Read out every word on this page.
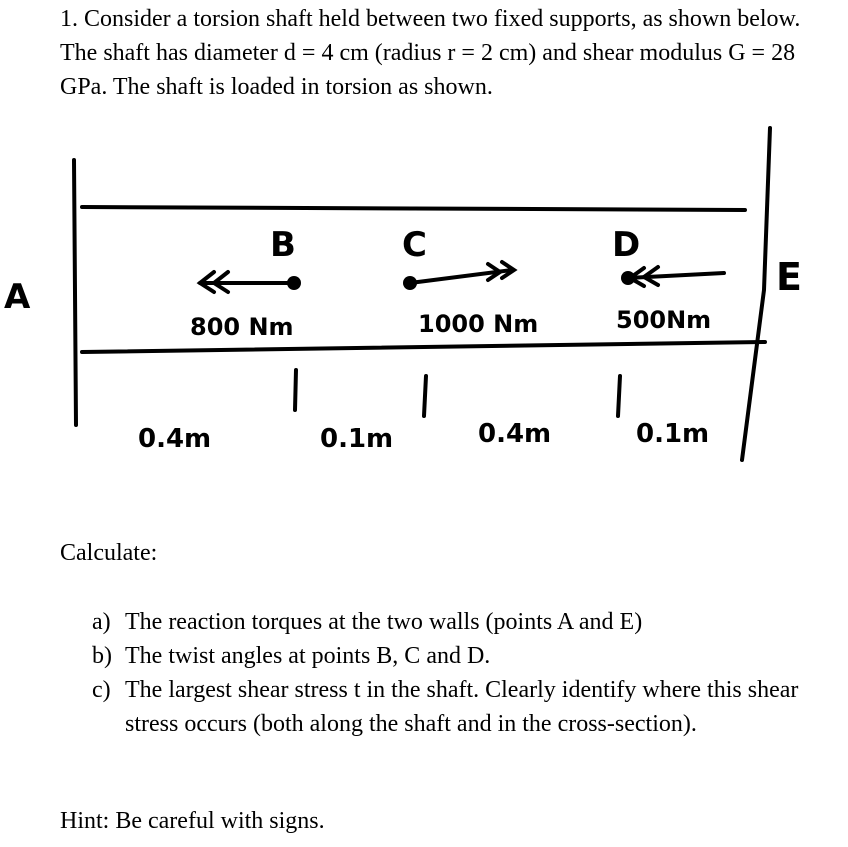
1. Consider a torsion shaft held between two fixed supports, as shown below. The shaft has diameter d = 4 cm (radius r = 2 cm) and shear modulus G = 28 GPa. The shaft is loaded in torsion as shown.

A
B	C	D
E
800 Nm	1000 Nm	500Nm
0.4m	0.1m	0.4m	0.1m
Calculate:
a) The reaction torques at the two walls (points A and E)
b) The twist angles at points B, C and D.
c) The largest shear stress t in the shaft. Clearly identify where this shear stress occurs (both along the shaft and in the cross-section).
Hint: Be careful with signs.
